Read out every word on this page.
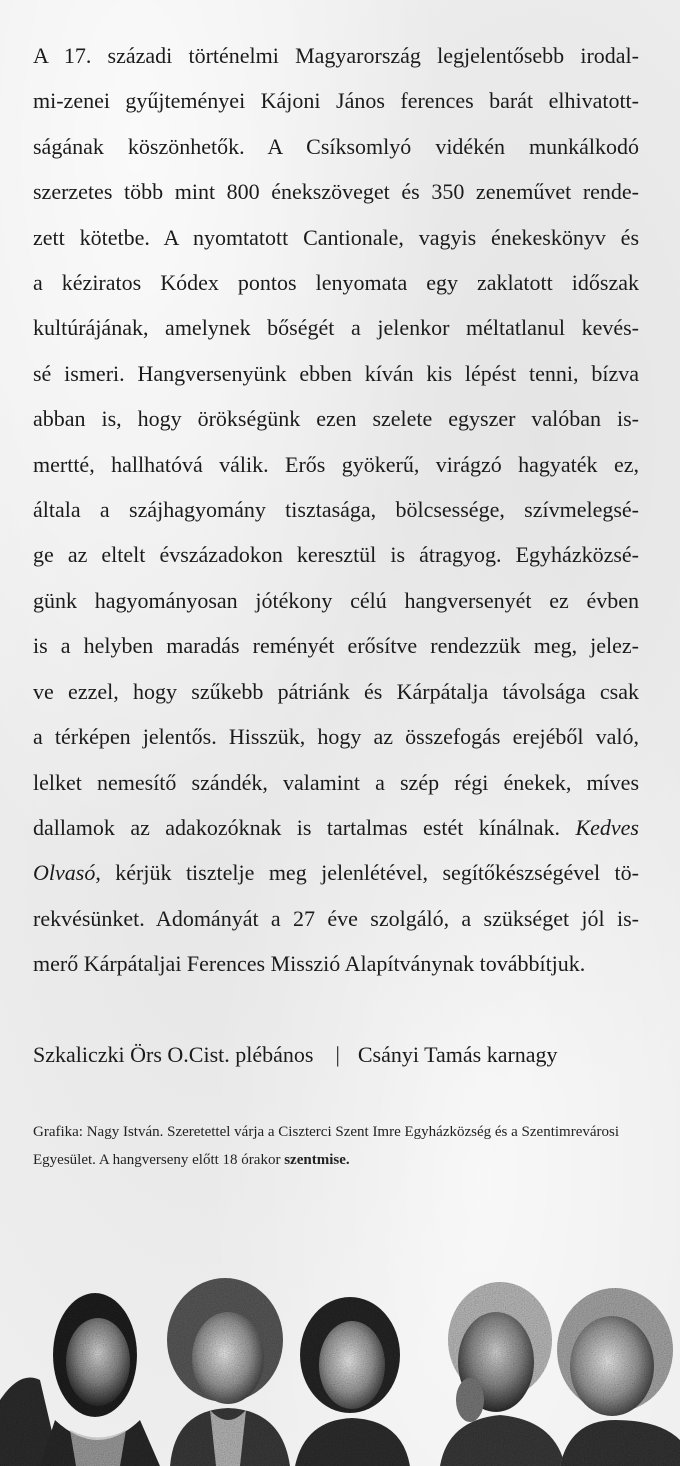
A 17. századi történelmi Magyarország legjelentősebb irodal-
mi-zenei gyűjteményei Kájoni János ferences barát elhivatott-
ságának köszönhetők. A Csíksomlyó vidékén munkálkodó
szerzetes több mint 800 énekszöveget és 350 zeneművet rende-
zett kötetbe. A nyomtatott Cantionale, vagyis énekeskönyv és
a kéziratos Kódex pontos lenyomata egy zaklatott időszak
kultúrájának, amelynek bőségét a jelenkor méltatlanul kevés-
sé ismeri. Hangversenyünk ebben kíván kis lépést tenni, bízva
abban is, hogy örökségünk ezen szelete egyszer valóban is-
mertté, hallhatóvá válik. Erős gyökerű, virágzó hagyaték ez,
általa a szájhagyomány tisztasága, bölcsessége, szívmelegsé-
ge az eltelt évszázadokon keresztül is átragyog. Egyházközsé-
günk hagyományosan jótékony célú hangversenyét ez évben
is a helyben maradás reményét erősítve rendezzük meg, jelez-
ve ezzel, hogy szűkebb pátriánk és Kárpátalja távolsága csak
a térképen jelentős. Hisszük, hogy az összefogás erejéből való,
lelket nemesítő szándék, valamint a szép régi énekek, míves
dallamok az adakozóknak is tartalmas estét kínálnak. Kedves
Olvasó, kérjük tisztelje meg jelenlétével, segítőkészségével tö-
rekvésünket. Adományát a 27 éve szolgáló, a szükséget jól is-
merő Kárpátaljai Ferences Misszió Alapítványnak továbbítjuk.
Szkaliczki Örs O.Cist. plébános | Csányi Tamás karnagy
Grafika: Nagy István. Szeretettel várja a Ciszterci Szent Imre Egyházközség és a Szentimrevárosi Egyesület. A hangverseny előtt 18 órakor szentmise.
